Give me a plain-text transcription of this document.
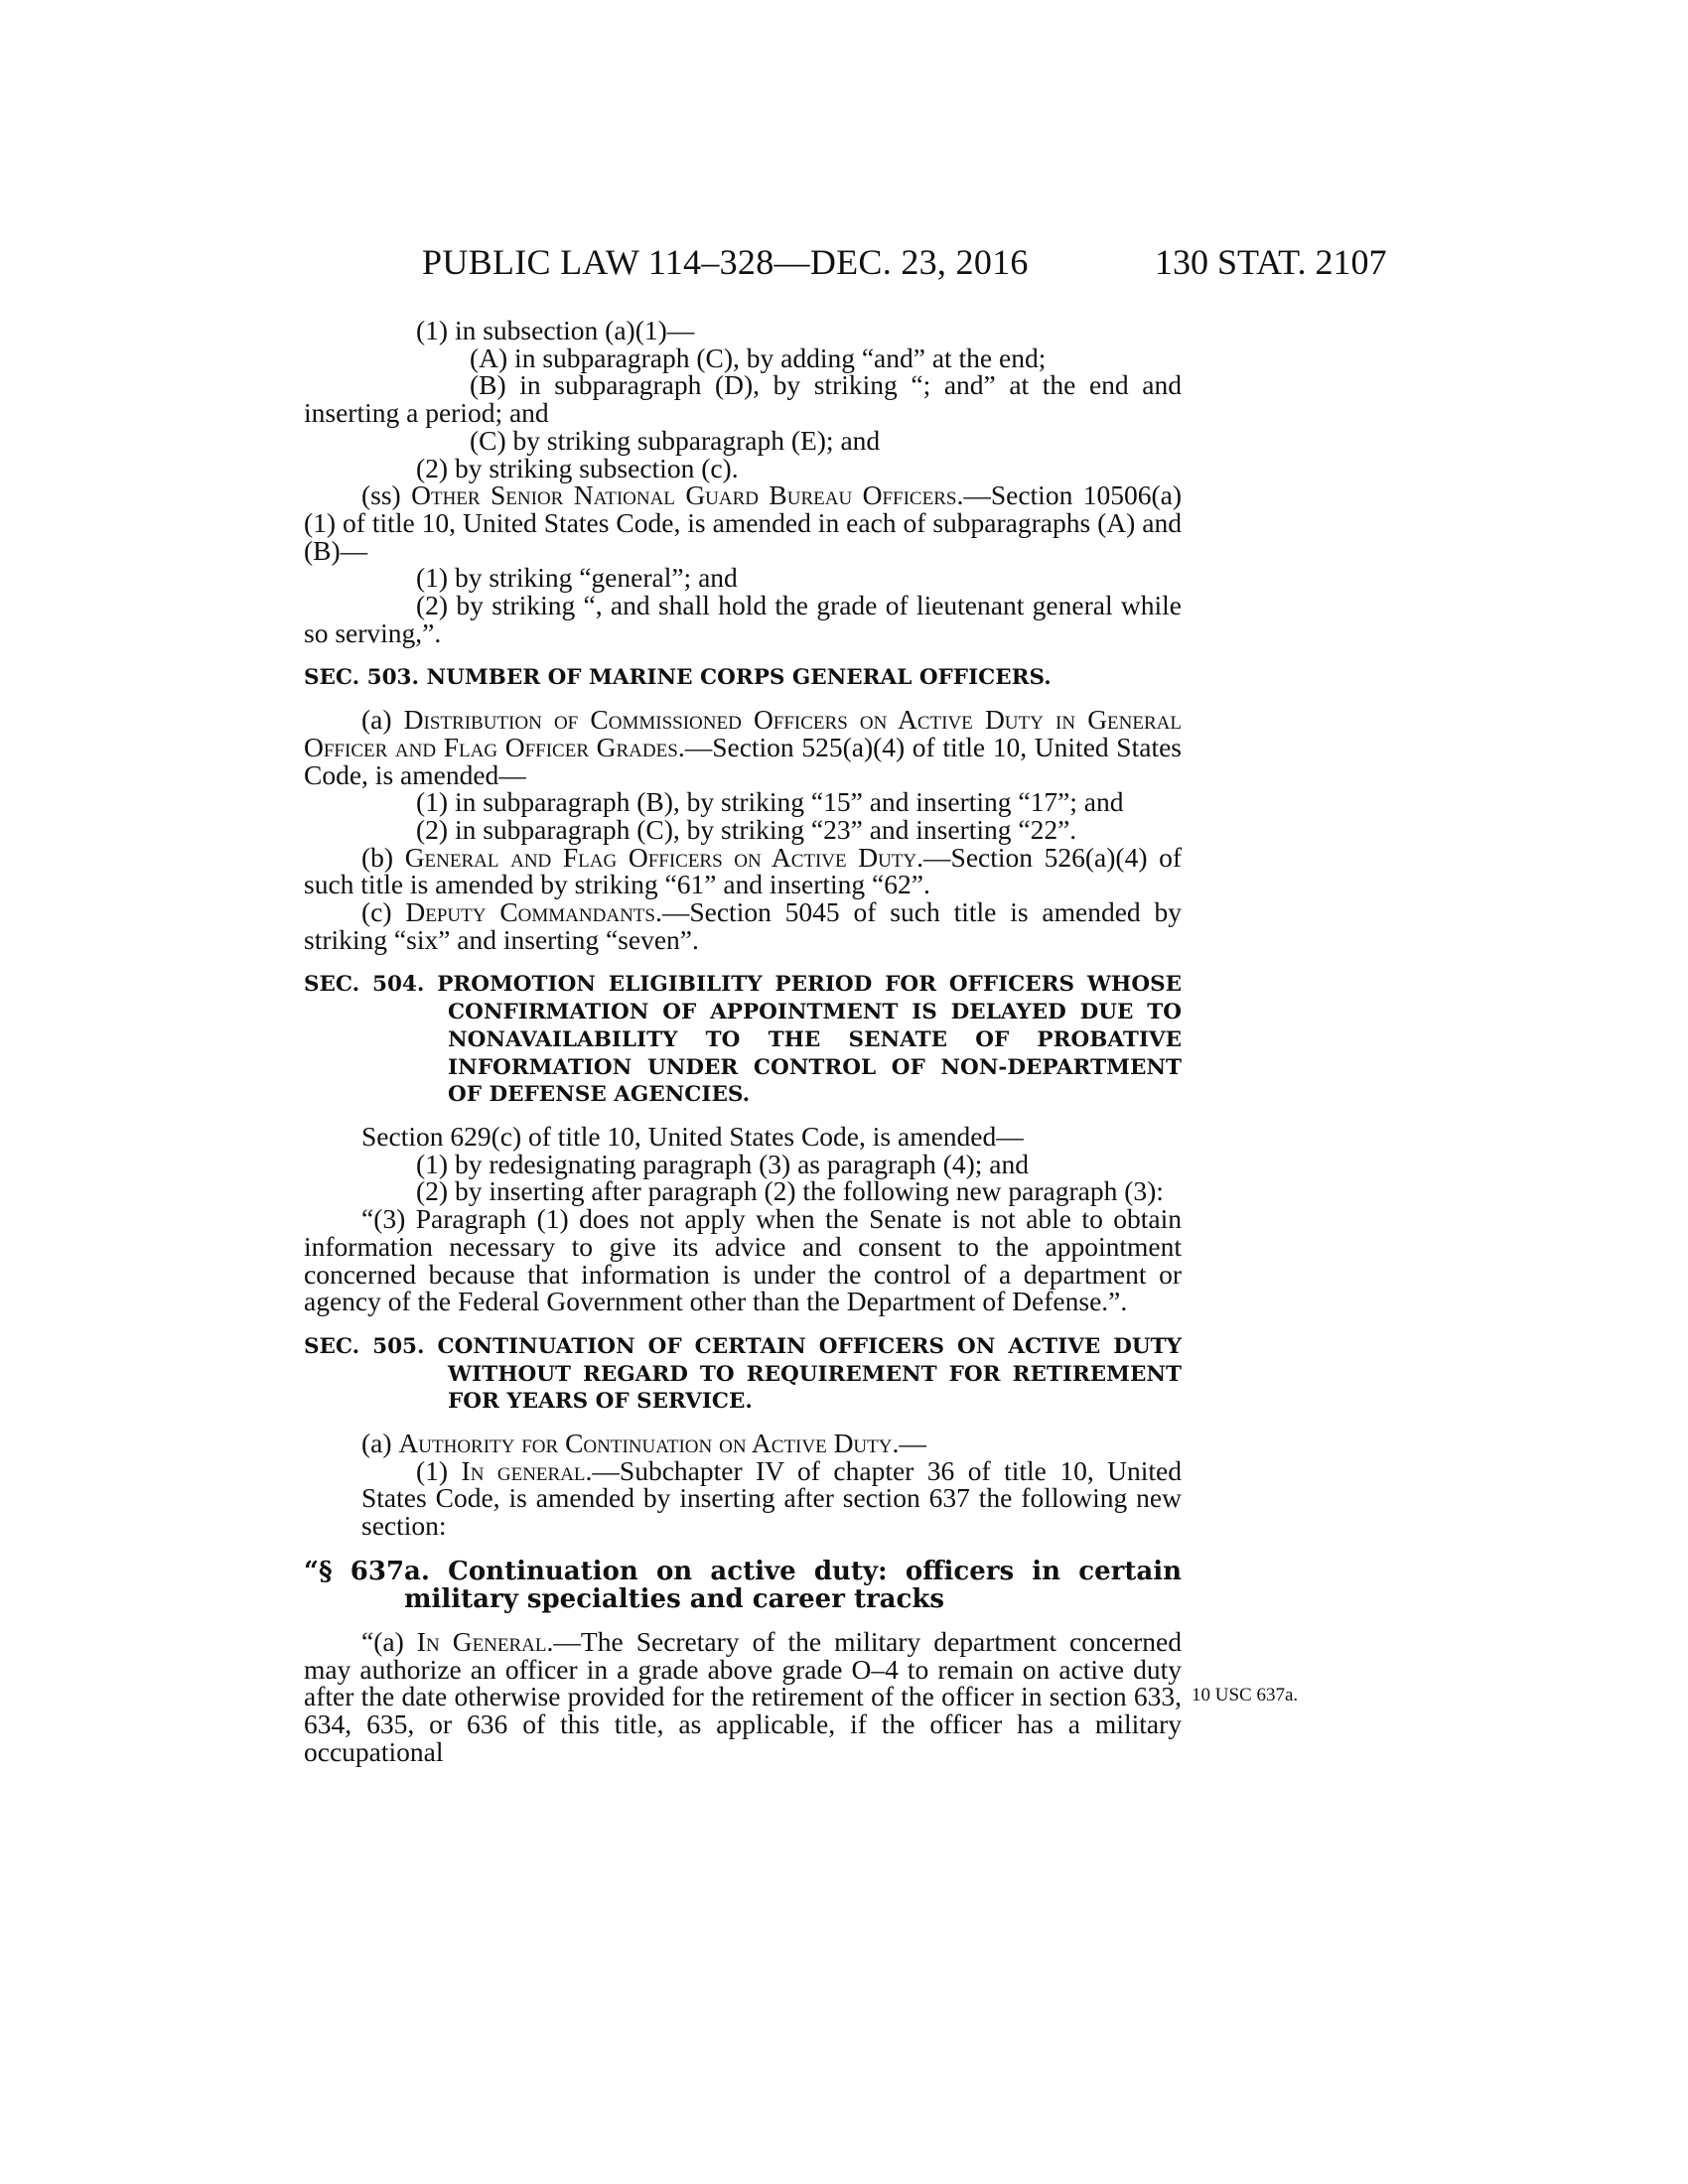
PUBLIC LAW 114–328—DEC. 23, 2016	130 STAT. 2107

(1) in subsection (a)(1)—

(A) in subparagraph (C), by adding “and” at the end;

(B) in subparagraph (D), by striking “; and” at the end and inserting a period; and

(C) by striking subparagraph (E); and

(2) by striking subsection (c).

(ss) Other Senior National Guard Bureau Officers.—Section 10506(a)(1) of title 10, United States Code, is amended in each of subparagraphs (A) and (B)—

(1) by striking “general”; and

(2) by striking “, and shall hold the grade of lieutenant general while so serving,”.

SEC. 503. NUMBER OF MARINE CORPS GENERAL OFFICERS.

(a) Distribution of Commissioned Officers on Active Duty in General Officer and Flag Officer Grades.—Section 525(a)(4) of title 10, United States Code, is amended—

(1) in subparagraph (B), by striking “15” and inserting “17”; and

(2) in subparagraph (C), by striking “23” and inserting “22”.

(b) General and Flag Officers on Active Duty.—Section 526(a)(4) of such title is amended by striking “61” and inserting “62”.

(c) Deputy Commandants.—Section 5045 of such title is amended by striking “six” and inserting “seven”.

SEC. 504. PROMOTION ELIGIBILITY PERIOD FOR OFFICERS WHOSE CONFIRMATION OF APPOINTMENT IS DELAYED DUE TO NONAVAILABILITY TO THE SENATE OF PROBATIVE INFORMATION UNDER CONTROL OF NON-DEPARTMENT OF DEFENSE AGENCIES.

Section 629(c) of title 10, United States Code, is amended—

(1) by redesignating paragraph (3) as paragraph (4); and

(2) by inserting after paragraph (2) the following new paragraph (3):

“(3) Paragraph (1) does not apply when the Senate is not able to obtain information necessary to give its advice and consent to the appointment concerned because that information is under the control of a department or agency of the Federal Government other than the Department of Defense.”.

SEC. 505. CONTINUATION OF CERTAIN OFFICERS ON ACTIVE DUTY WITHOUT REGARD TO REQUIREMENT FOR RETIREMENT FOR YEARS OF SERVICE.

(a) Authority for Continuation on Active Duty.—

(1) In general.—Subchapter IV of chapter 36 of title 10, United States Code, is amended by inserting after section 637 the following new section:

“§ 637a. Continuation on active duty: officers in certain military specialties and career tracks

“(a) In General.—The Secretary of the military department concerned may authorize an officer in a grade above grade O–4 to remain on active duty after the date otherwise provided for the retirement of the officer in section 633, 634, 635, or 636 of this title, as applicable, if the officer has a military occupational

10 USC 637a.
